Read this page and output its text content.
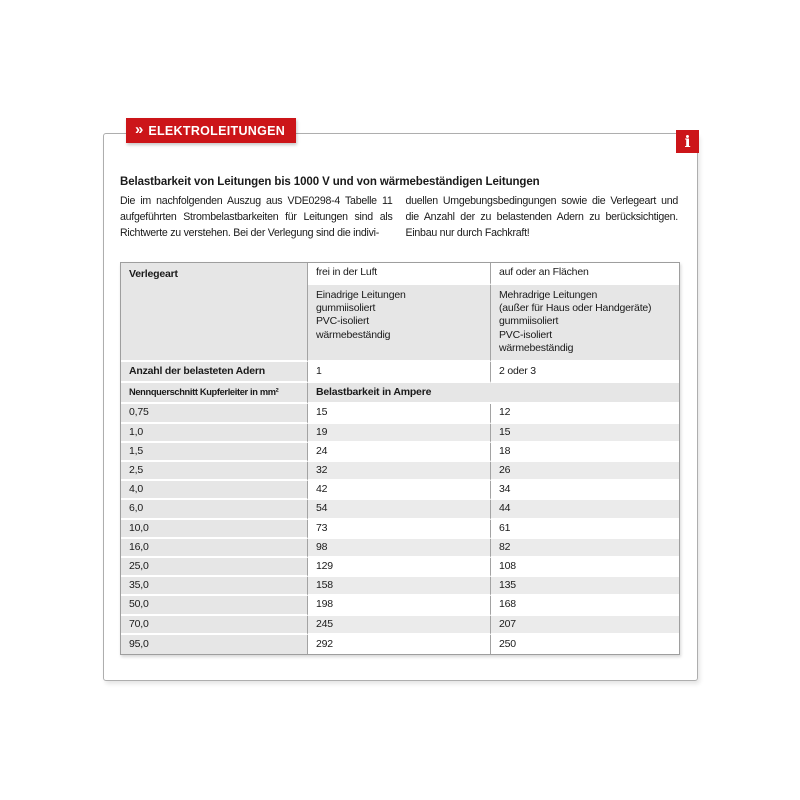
» ELEKTROLEITUNGEN
i
Belastbarkeit von Leitungen bis 1000 V und von wärmebeständigen Leitungen

Die im nachfolgenden Auszug aus VDE0298-4 Tabelle 11 aufgeführten Strombelastbarkeiten für Leitungen sind als Richtwerte zu verstehen. Bei der Verlegung sind die indivi-

duellen Umgebungsbedingungen sowie die Verlegeart und die Anzahl der zu belastenden Adern zu berücksichtigen. Einbau nur durch Fachkraft!

Verlegeart	frei in der Luft	auf oder an Flächen
	Einadrige Leitungen
gummiisoliert
PVC-isoliert
wärmebeständig	Mehradrige Leitungen
(außer für Haus oder Handgeräte)
gummiisoliert
PVC-isoliert
wärmebeständig
Anzahl der belasteten Adern	1	2 oder 3
Nennquerschnitt Kupferleiter in mm²	Belastbarkeit in Ampere	
0,75	15	12
1,0	19	15
1,5	24	18
2,5	32	26
4,0	42	34
6,0	54	44
10,0	73	61
16,0	98	82
25,0	129	108
35,0	158	135
50,0	198	168
70,0	245	207
95,0	292	250
